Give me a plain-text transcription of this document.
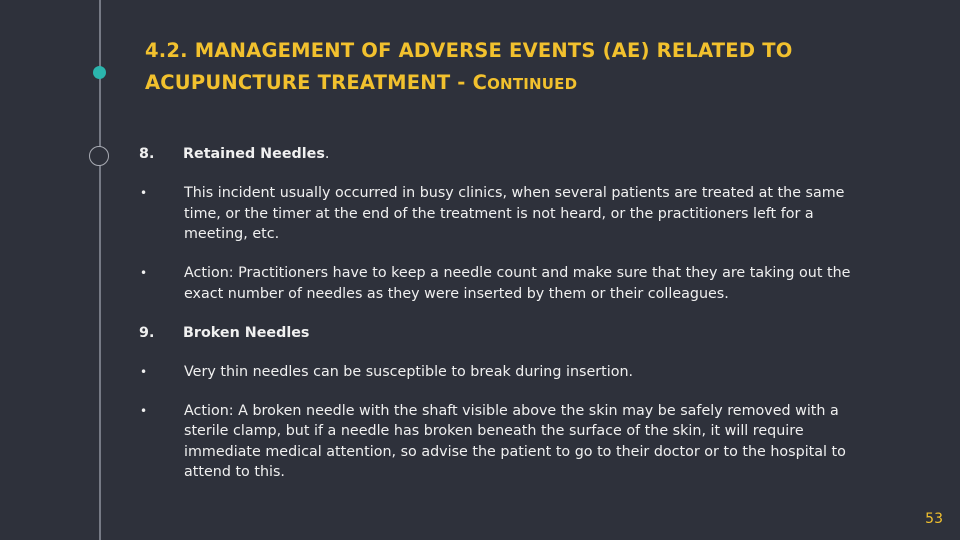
4.2. MANAGEMENT OF ADVERSE EVENTS (AE) RELATED TO ACUPUNCTURE TREATMENT - CONTINUED
8.	Retained Needles.
•	This incident usually occurred in busy clinics, when several patients are treated at the same time, or the timer at the end of the treatment is not heard, or the practitioners left for a meeting, etc.
•	Action: Practitioners have to keep a needle count and make sure that they are taking out the exact number of needles as they were inserted by them or their colleagues.
9.	Broken Needles
•	Very thin needles can be susceptible to break during insertion.
•	Action: A broken needle with the shaft visible above the skin may be safely removed with a sterile clamp, but if a needle has broken beneath the surface of the skin, it will require immediate medical attention, so advise the patient to go to their doctor or to the hospital to attend to this.
53
